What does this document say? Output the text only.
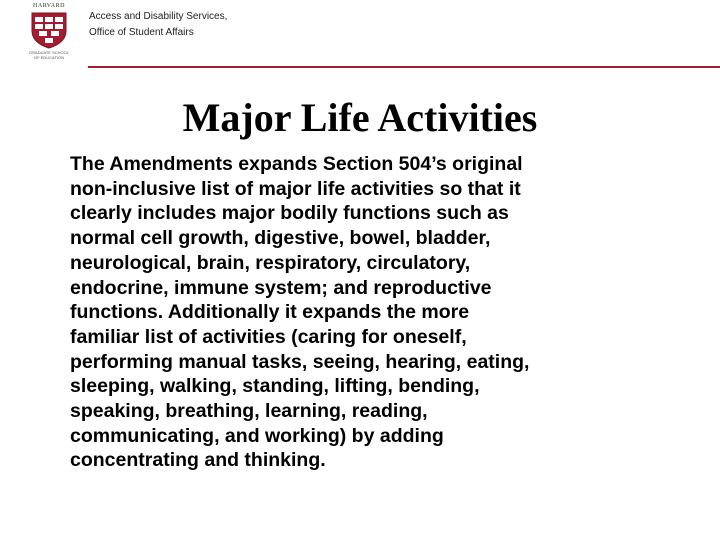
HARVARD
GRADUATE SCHOOL
OF EDUCATION
Access and Disability Services,
Office of Student Affairs
Major Life Activities

The Amendments expands Section 504’s original
non-inclusive list of major life activities so that it
clearly includes major bodily functions such as
normal cell growth, digestive, bowel, bladder,
neurological, brain, respiratory, circulatory,
endocrine, immune system; and reproductive
functions. Additionally it expands the more
familiar list of activities (caring for oneself,
performing manual tasks, seeing, hearing, eating,
sleeping, walking, standing, lifting, bending,
speaking, breathing, learning, reading,
communicating, and working) by adding
concentrating and thinking.
